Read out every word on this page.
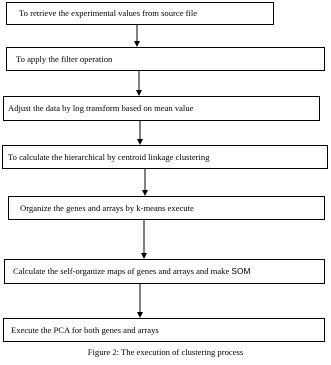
To retrieve the experimental values from source file
To apply the filter operation
Adjust the data by log transform based on mean value
To calculate the hierarchical by centroid linkage clustering
Organize the genes and arrays by k-means execute
Calculate the self-organize maps of genes and arrays and make SOM
Execute the PCA for both genes and arrays
Figure 2: The execution of clustering process
